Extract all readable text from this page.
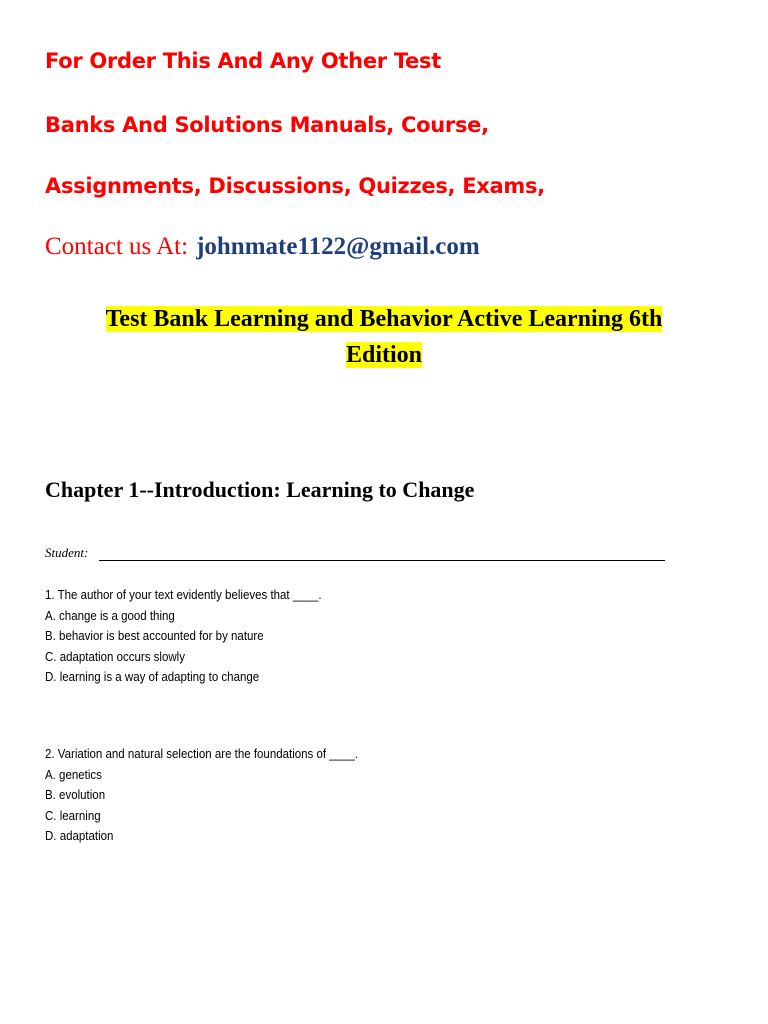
For Order This And Any Other Test

Banks And Solutions Manuals, Course,

Assignments, Discussions, Quizzes, Exams,

Contact us At: johnmate1122@gmail.com
Test Bank Learning and Behavior Active Learning 6th
Edition
Chapter 1--Introduction: Learning to Change
Student:
1. The author of your text evidently believes that ____.
A. change is a good thing
B. behavior is best accounted for by nature
C. adaptation occurs slowly
D. learning is a way of adapting to change
2. Variation and natural selection are the foundations of ____.
A. genetics
B. evolution
C. learning
D. adaptation
